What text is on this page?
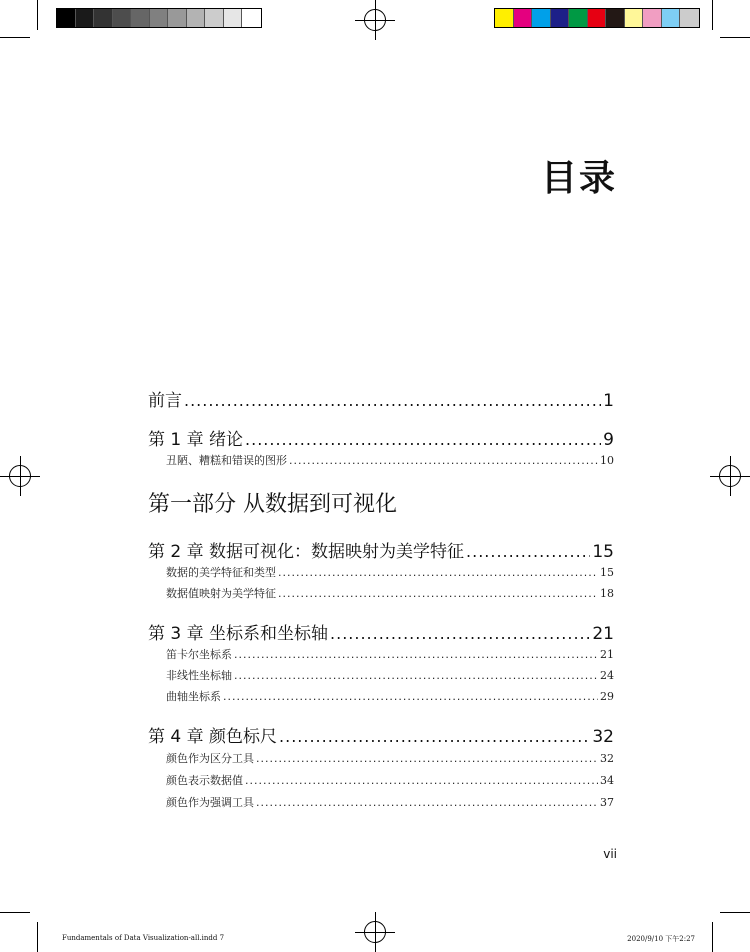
目录
前言 .....	1
第 1 章 绪论 .....	9
丑陋、糟糕和错误的图形 .....	10
第 2 章 数据可视化：数据映射为美学特征 .....	15
数据的美学特征和类型 .....	15
数据值映射为美学特征 .....	18
第 3 章 坐标系和坐标轴 .....	21
笛卡尔坐标系 .....	21
非线性坐标轴 .....	24
曲轴坐标系 .....	29
第 4 章 颜色标尺 .....	32
颜色作为区分工具 .....	32
颜色表示数据值 .....	34
颜色作为强调工具 .....	37
第一部分 从数据到可视化
vii
Fundamentals of Data Visualization-all.indd 7	2020/9/10 下午2:27
